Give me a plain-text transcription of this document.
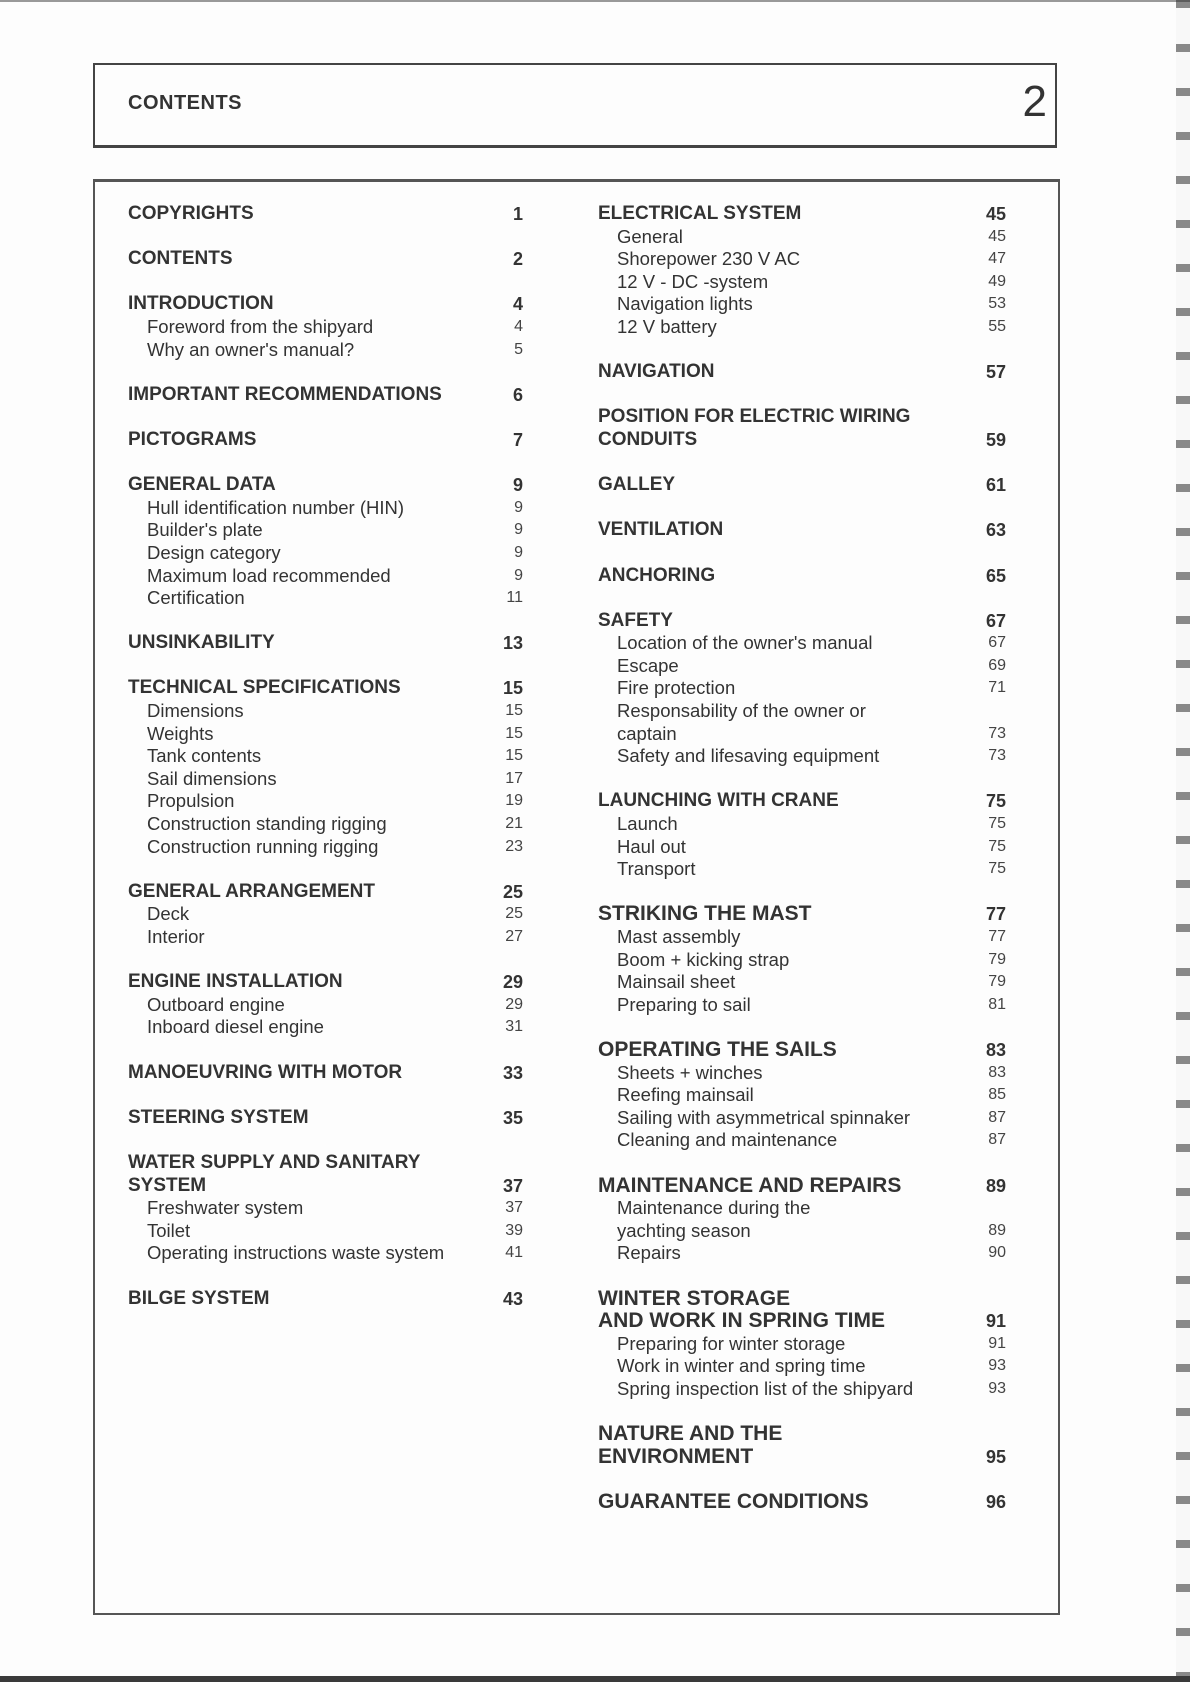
CONTENTS	2
COPYRIGHTS	1
CONTENTS	2
INTRODUCTION	4
Foreword from the shipyard	4
Why an owner's manual?	5
IMPORTANT RECOMMENDATIONS	6
PICTOGRAMS	7
GENERAL DATA	9
Hull identification number (HIN)	9
Builder's plate	9
Design category	9
Maximum load recommended	9
Certification	11
UNSINKABILITY	13
TECHNICAL SPECIFICATIONS	15
Dimensions	15
Weights	15
Tank contents	15
Sail dimensions	17
Propulsion	19
Construction standing rigging	21
Construction running rigging	23
GENERAL ARRANGEMENT	25
Deck	25
Interior	27
ENGINE INSTALLATION	29
Outboard engine	29
Inboard diesel engine	31
MANOEUVRING WITH MOTOR	33
STEERING SYSTEM	35
WATER SUPPLY AND SANITARY
SYSTEM	37
Freshwater system	37
Toilet	39
Operating instructions waste system	41
BILGE SYSTEM	43
ELECTRICAL SYSTEM	45
General	45
Shorepower 230 V AC	47
12 V - DC -system	49
Navigation lights	53
12 V battery	55
NAVIGATION	57
POSITION FOR ELECTRIC WIRING
CONDUITS	59
GALLEY	61
VENTILATION	63
ANCHORING	65
SAFETY	67
Location of the owner's manual	67
Escape	69
Fire protection	71
Responsability of the owner or
captain	73
Safety and lifesaving equipment	73
LAUNCHING WITH CRANE	75
Launch	75
Haul out	75
Transport	75
STRIKING THE MAST	77
Mast assembly	77
Boom + kicking strap	79
Mainsail sheet	79
Preparing to sail	81
OPERATING THE SAILS	83
Sheets + winches	83
Reefing mainsail	85
Sailing with asymmetrical spinnaker	87
Cleaning and maintenance	87
MAINTENANCE AND REPAIRS	89
Maintenance during the
yachting season	89
Repairs	90
WINTER STORAGE
AND WORK IN SPRING TIME	91
Preparing for winter storage	91
Work in winter and spring time	93
Spring inspection list of the shipyard	93
NATURE AND THE
ENVIRONMENT	95
GUARANTEE CONDITIONS	96
